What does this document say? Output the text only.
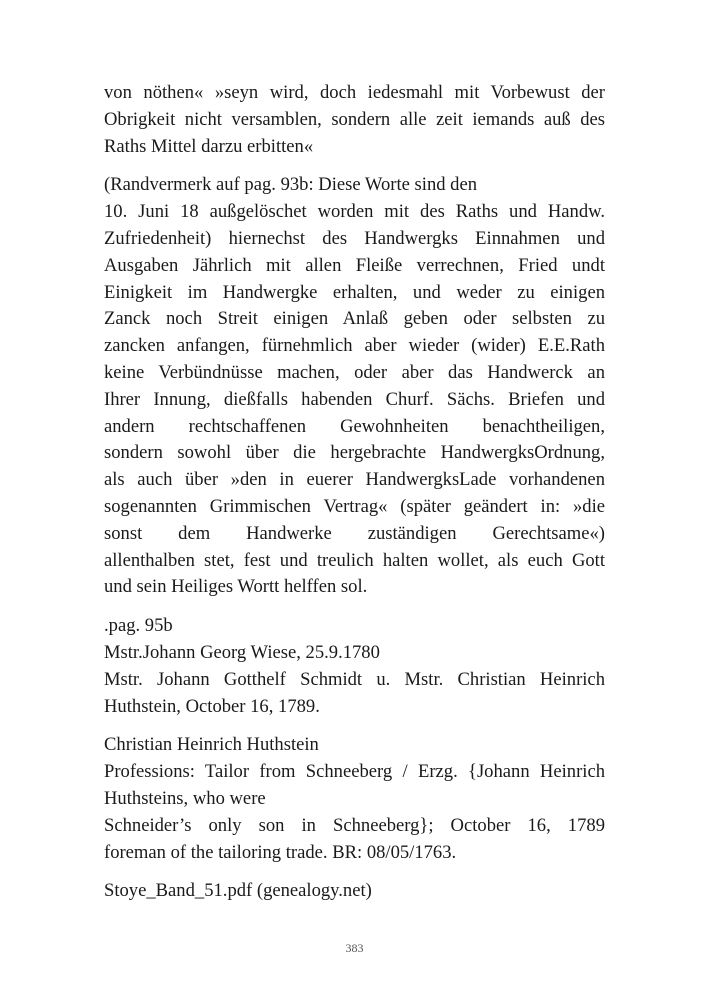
von nöthen« »seyn wird, doch iedesmahl mit Vorbewust der
Obrigkeit nicht versamblen, sondern alle zeit iemands auß des
Raths Mittel darzu erbitten«
(Randvermerk auf pag. 93b: Diese Worte sind den
10. Juni 18 außgelöschet worden mit des Raths und Handw.
Zufriedenheit) hiernechst des Handwergks Einnahmen und
Ausgaben Jährlich mit allen Fleiße verrechnen, Fried undt
Einigkeit im Handwergke erhalten, und weder zu einigen
Zanck noch Streit einigen Anlaß geben oder selbsten zu
zancken anfangen, fürnehmlich aber wieder (wider) E.E.Rath
keine Verbündnüsse machen, oder aber das Handwerck an
Ihrer Innung, dießfalls habenden Churf. Sächs. Briefen und
andern rechtschaffenen Gewohnheiten benachtheiligen,
sondern sowohl über die hergebrachte HandwergksOrdnung,
als auch über »den in euerer HandwergksLade vorhandenen
sogenannten Grimmischen Vertrag« (später geändert in: »die
sonst dem Handwerke zuständigen Gerechtsame«)
allenthalben stet, fest und treulich halten wollet, als euch Gott
und sein Heiliges Wortt helffen sol.
.pag. 95b
Mstr.Johann Georg Wiese, 25.9.1780
Mstr. Johann Gotthelf Schmidt u. Mstr. Christian Heinrich
Huthstein, October 16, 1789.
Christian Heinrich Huthstein
Professions: Tailor from Schneeberg / Erzg. {Johann Heinrich
Huthsteins, who were
Schneider’s only son in Schneeberg}; October 16, 1789
foreman of the tailoring trade. BR: 08/05/1763.
Stoye_Band_51.pdf (genealogy.net)
383
